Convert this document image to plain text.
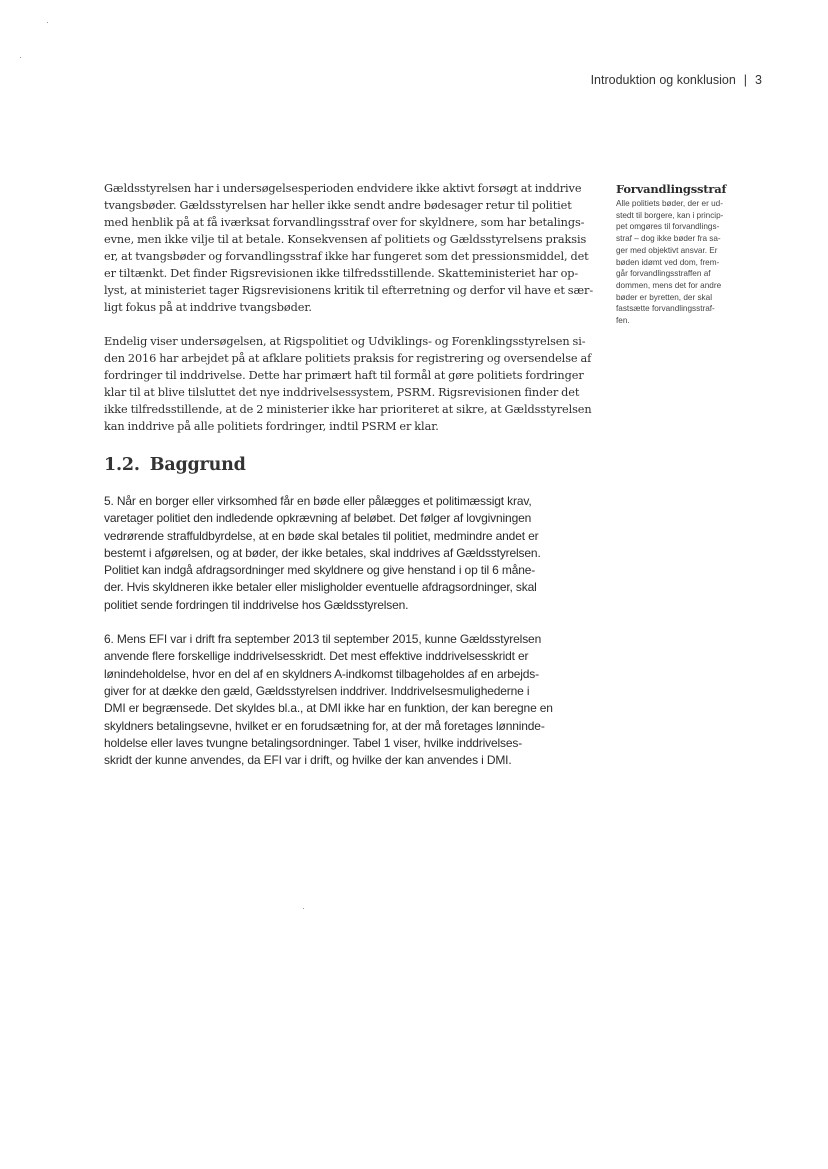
Introduktion og konklusion | 3
Gældsstyrelsen har i undersøgelsesperioden endvidere ikke aktivt forsøgt at inddrive
tvangsbøder. Gældsstyrelsen har heller ikke sendt andre bødesager retur til politiet
med henblik på at få iværksat forvandlingsstraf over for skyldnere, som har betalings-
evne, men ikke vilje til at betale. Konsekvensen af politiets og Gældsstyrelsens praksis
er, at tvangsbøder og forvandlingsstraf ikke har fungeret som det pressionsmiddel, det
er tiltænkt. Det finder Rigsrevisionen ikke tilfredsstillende. Skatteministeriet har op-
lyst, at ministeriet tager Rigsrevisionens kritik til efterretning og derfor vil have et sær-
ligt fokus på at inddrive tvangsbøder.
Endelig viser undersøgelsen, at Rigspolitiet og Udviklings- og Forenklingsstyrelsen si-
den 2016 har arbejdet på at afklare politiets praksis for registrering og oversendelse af
fordringer til inddrivelse. Dette har primært haft til formål at gøre politiets fordringer
klar til at blive tilsluttet det nye inddrivelsessystem, PSRM. Rigsrevisionen finder det
ikke tilfredsstillende, at de 2 ministerier ikke har prioriteret at sikre, at Gældsstyrelsen
kan inddrive på alle politiets fordringer, indtil PSRM er klar.
1.2. Baggrund
5. Når en borger eller virksomhed får en bøde eller pålægges et politimæssigt krav,
varetager politiet den indledende opkrævning af beløbet. Det følger af lovgivningen
vedrørende straffuldbyrdelse, at en bøde skal betales til politiet, medmindre andet er
bestemt i afgørelsen, og at bøder, der ikke betales, skal inddrives af Gældsstyrelsen.
Politiet kan indgå afdragsordninger med skyldnere og give henstand i op til 6 måne-
der. Hvis skyldneren ikke betaler eller misligholder eventuelle afdragsordninger, skal
politiet sende fordringen til inddrivelse hos Gældsstyrelsen.
6. Mens EFI var i drift fra september 2013 til september 2015, kunne Gældsstyrelsen
anvende flere forskellige inddrivelsesskridt. Det mest effektive inddrivelsesskridt er
lønindeholdelse, hvor en del af en skyldners A-indkomst tilbageholdes af en arbejds-
giver for at dække den gæld, Gældsstyrelsen inddriver. Inddrivelsesmulighederne i
DMI er begrænsede. Det skyldes bl.a., at DMI ikke har en funktion, der kan beregne en
skyldners betalingsevne, hvilket er en forudsætning for, at der må foretages lønninde-
holdelse eller laves tvungne betalingsordninger. Tabel 1 viser, hvilke inddrivelses-
skridt der kunne anvendes, da EFI var i drift, og hvilke der kan anvendes i DMI.
Forvandlingsstraf
Alle politiets bøder, der er ud-
stedt til borgere, kan i princip-
pet omgøres til forvandlings-
straf – dog ikke bøder fra sa-
ger med objektivt ansvar. Er
bøden idømt ved dom, frem-
går forvandlingsstraffen af
dommen, mens det for andre
bøder er byretten, der skal
fastsætte forvandlingsstraf-
fen.
